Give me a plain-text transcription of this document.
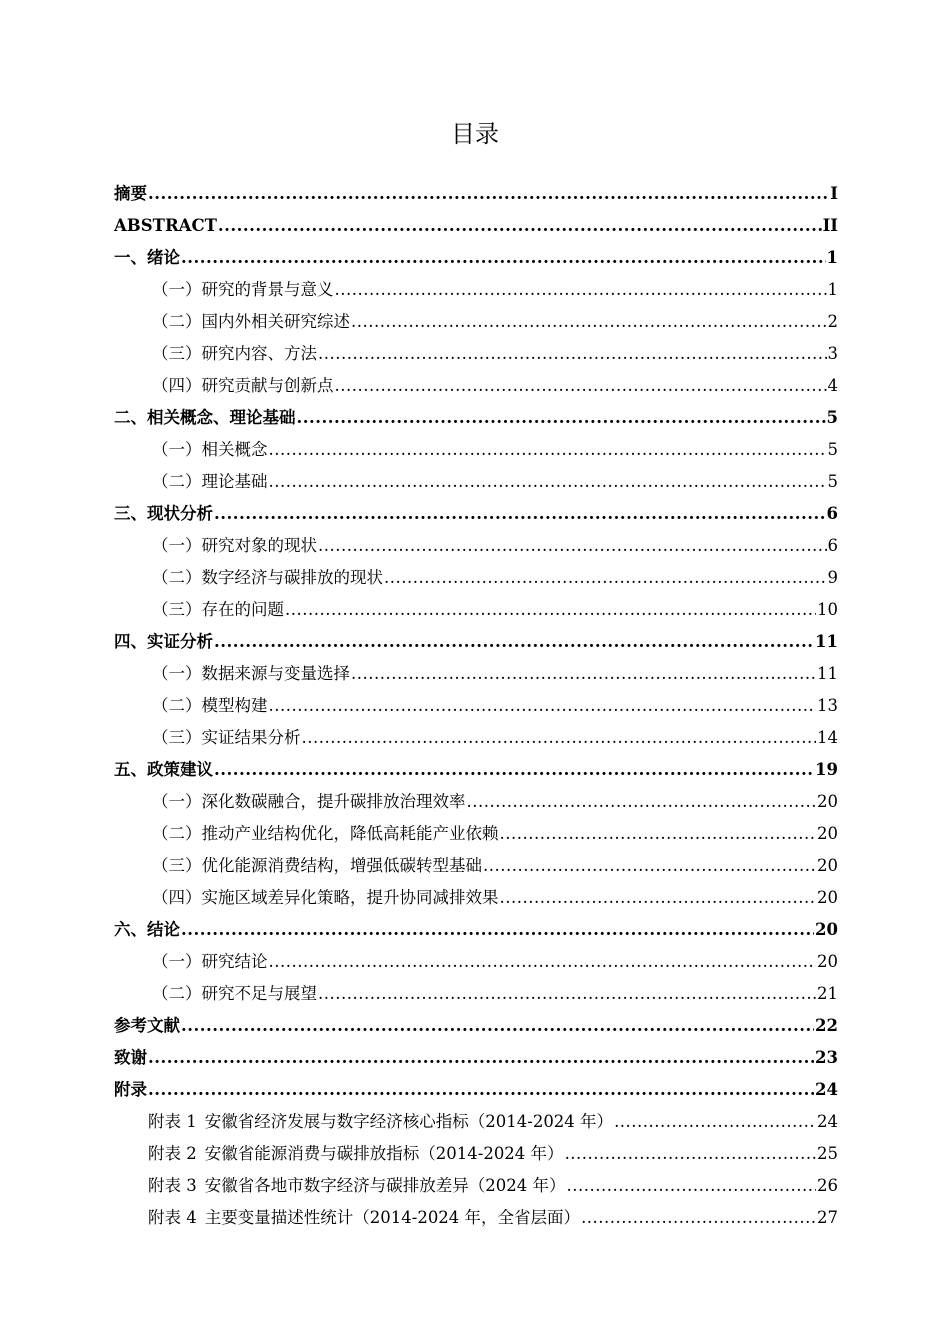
目录
摘要 .....	I
ABSTRACT .....	II
一、 绪论 .....	1
（一） 研究的背景与意义 .....	1
（二） 国内外相关研究综述 .....	2
（三） 研究内容、方法 .....	3
（四）研究贡献与创新点 .....	4
二、 相关概念、理论基础 .....	5
（一） 相关概念 .....	5
（二） 理论基础 .....	5
三、 现状分析 .....	6
（一） 研究对象的现状 .....	6
（二） 数字经济与碳排放的现状 .....	9
（三） 存在的问题 .....	10
四、 实证分析 .....	11
（一） 数据来源与变量选择 .....	11
（二） 模型构建 .....	13
（三） 实证结果分析 .....	14
五、 政策建议 .....	19
（一） 深化数碳融合，提升碳排放治理效率 .....	20
（二） 推动产业结构优化，降低高耗能产业依赖 .....	20
（三） 优化能源消费结构，增强低碳转型基础 .....	20
（四） 实施区域差异化策略，提升协同减排效果 .....	20
六、 结论 .....	20
（一） 研究结论 .....	20
（二） 研究不足与展望 .....	21
参考文献 .....	22
致谢 .....	23
附录 .....	24
附表 1 安徽省经济发展与数字经济核心指标（2014-2024 年） .....	24
附表 2 安徽省能源消费与碳排放指标（2014-2024 年） .....	25
附表 3 安徽省各地市数字经济与碳排放差异（2024 年） .....	26
附表 4 主要变量描述性统计（2014-2024 年，全省层面） .....	27
